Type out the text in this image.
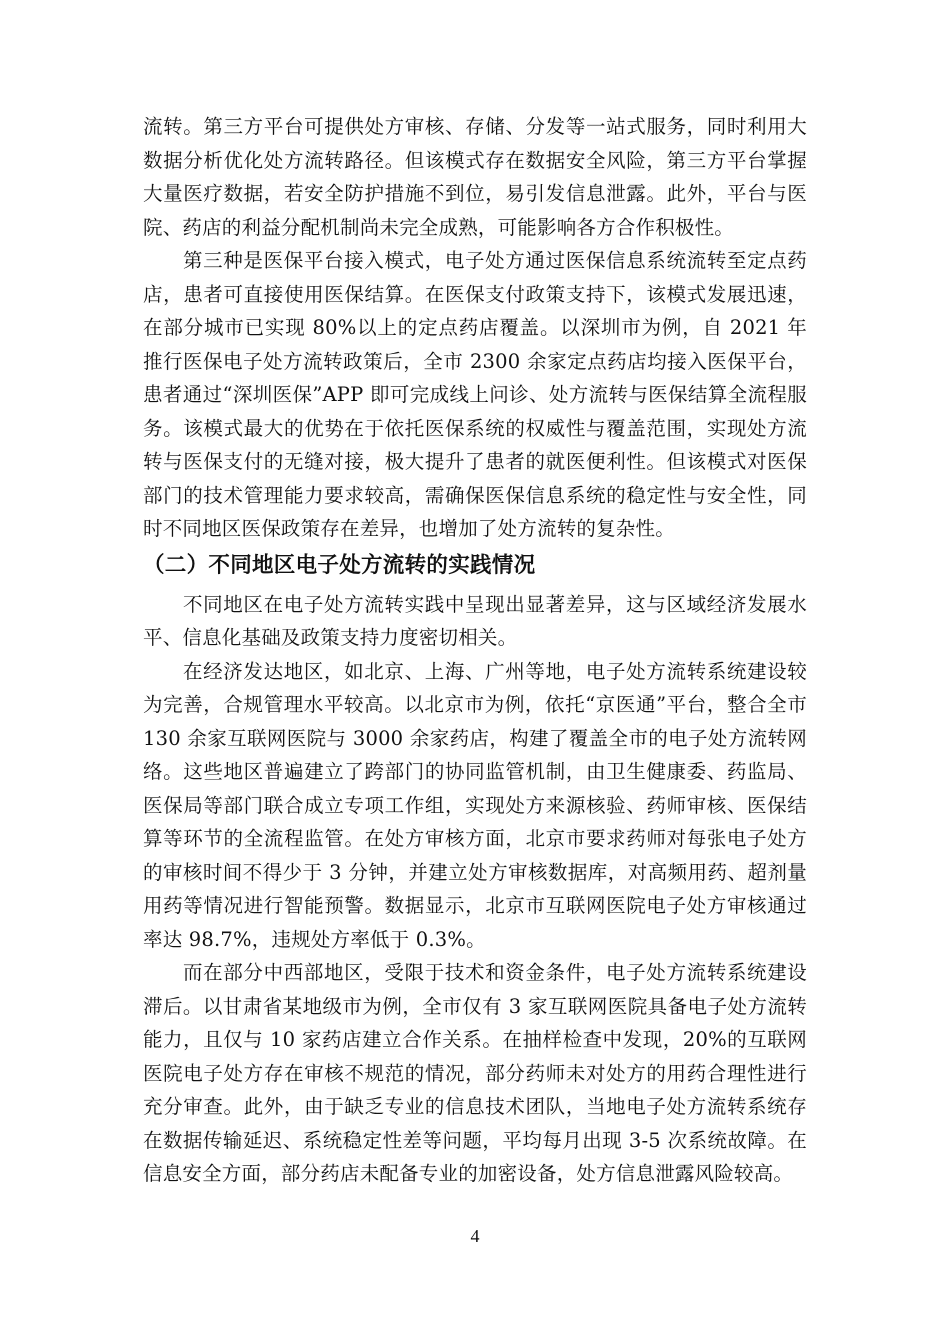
流转。第三方平台可提供处方审核、存储、分发等一站式服务，同时利用大数据分析优化处方流转路径。但该模式存在数据安全风险，第三方平台掌握大量医疗数据，若安全防护措施不到位，易引发信息泄露。此外，平台与医院、药店的利益分配机制尚未完全成熟，可能影响各方合作积极性。

第三种是医保平台接入模式，电子处方通过医保信息系统流转至定点药店，患者可直接使用医保结算。在医保支付政策支持下，该模式发展迅速，在部分城市已实现 80%以上的定点药店覆盖。以深圳市为例，自 2021 年推行医保电子处方流转政策后，全市 2300 余家定点药店均接入医保平台，患者通过“深圳医保”APP 即可完成线上问诊、处方流转与医保结算全流程服务。该模式最大的优势在于依托医保系统的权威性与覆盖范围，实现处方流转与医保支付的无缝对接，极大提升了患者的就医便利性。但该模式对医保部门的技术管理能力要求较高，需确保医保信息系统的稳定性与安全性，同时不同地区医保政策存在差异，也增加了处方流转的复杂性。

（二）不同地区电子处方流转的实践情况

不同地区在电子处方流转实践中呈现出显著差异，这与区域经济发展水平、信息化基础及政策支持力度密切相关。

在经济发达地区，如北京、上海、广州等地，电子处方流转系统建设较为完善，合规管理水平较高。以北京市为例，依托“京医通”平台，整合全市 130 余家互联网医院与 3000 余家药店，构建了覆盖全市的电子处方流转网络。这些地区普遍建立了跨部门的协同监管机制，由卫生健康委、药监局、医保局等部门联合成立专项工作组，实现处方来源核验、药师审核、医保结算等环节的全流程监管。在处方审核方面，北京市要求药师对每张电子处方的审核时间不得少于 3 分钟，并建立处方审核数据库，对高频用药、超剂量用药等情况进行智能预警。数据显示，北京市互联网医院电子处方审核通过率达 98.7%，违规处方率低于 0.3%。

而在部分中西部地区，受限于技术和资金条件，电子处方流转系统建设滞后。以甘肃省某地级市为例，全市仅有 3 家互联网医院具备电子处方流转能力，且仅与 10 家药店建立合作关系。在抽样检查中发现，20%的互联网医院电子处方存在审核不规范的情况，部分药师未对处方的用药合理性进行充分审查。此外，由于缺乏专业的信息技术团队，当地电子处方流转系统存在数据传输延迟、系统稳定性差等问题，平均每月出现 3-5 次系统故障。在信息安全方面，部分药店未配备专业的加密设备，处方信息泄露风险较高。

4
